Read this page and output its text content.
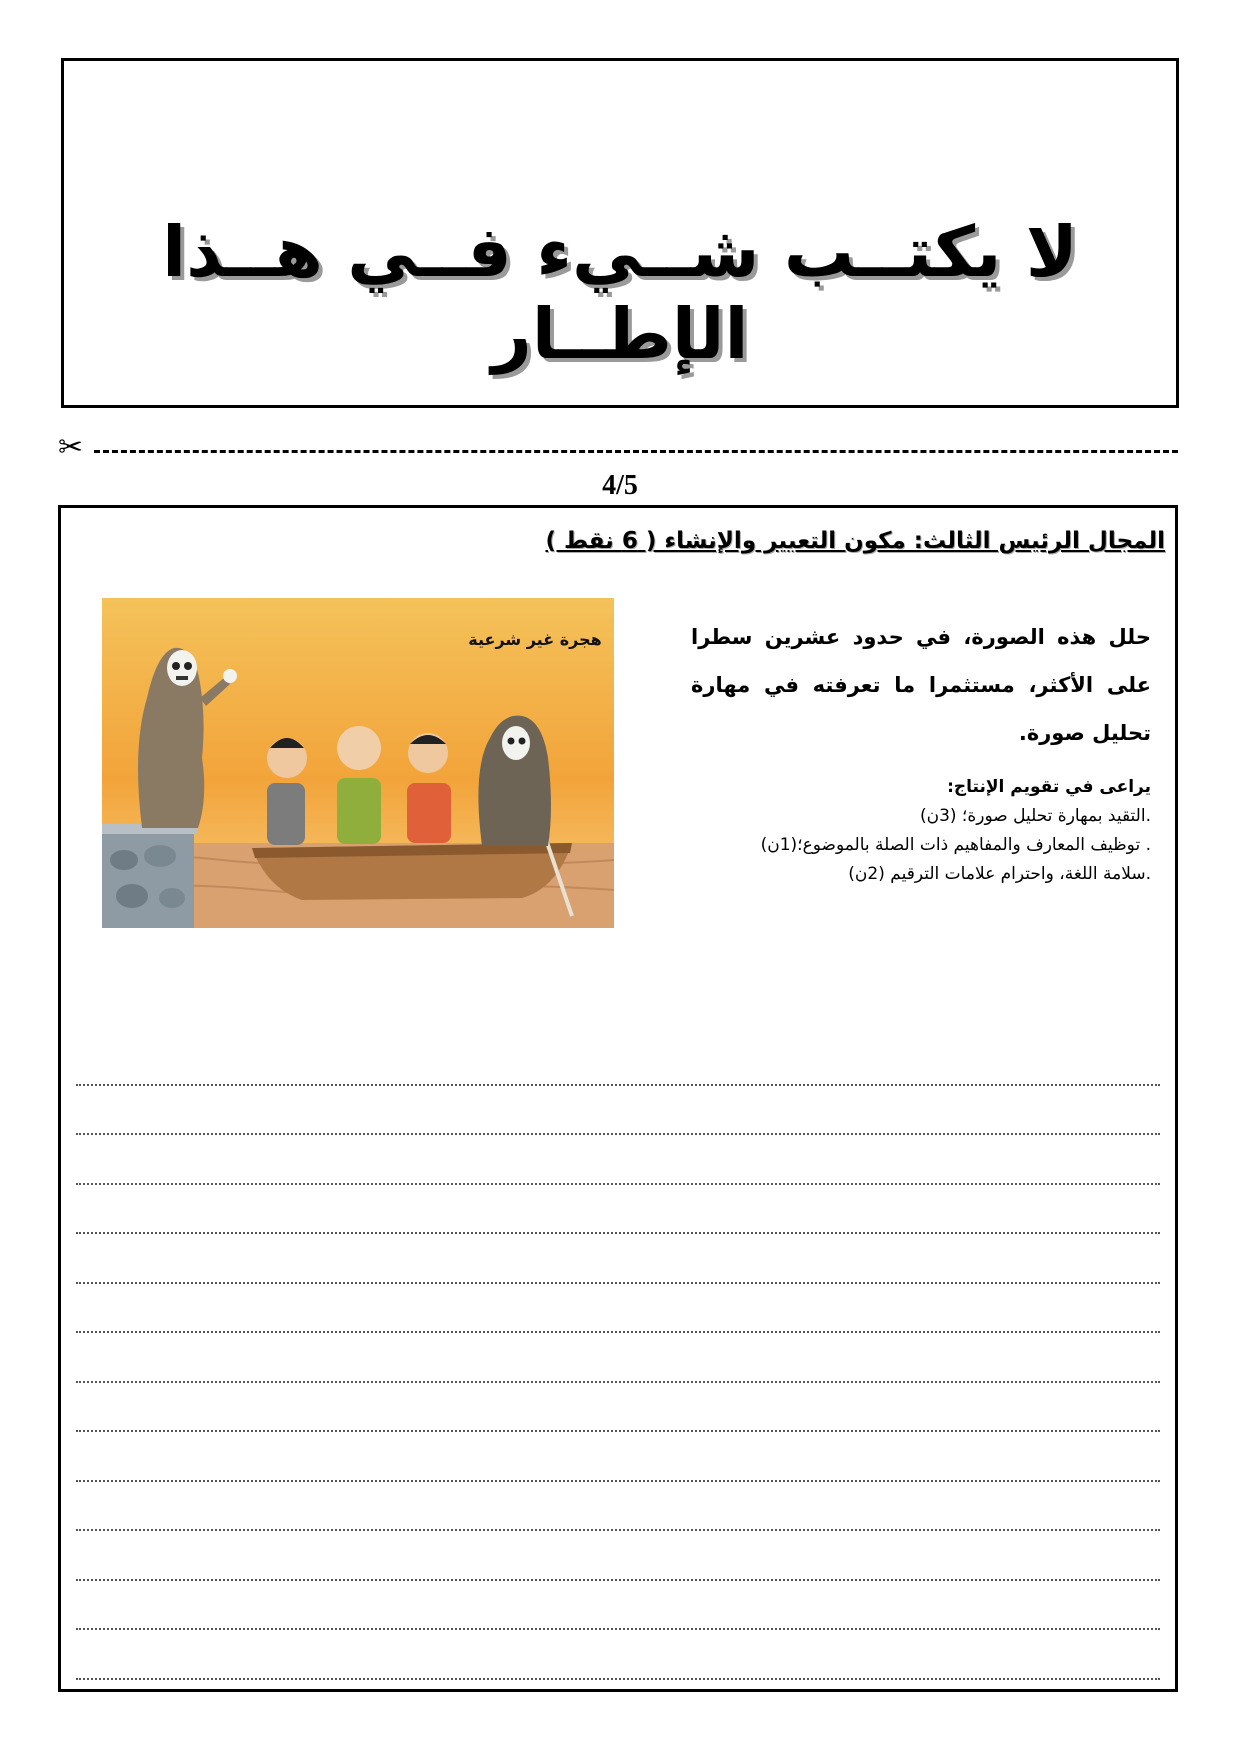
لا يكتــب شــيء فــي هــذا الإطــار
✂
4/5
المجال الرئيس الثالث: مكون التعبير والإنشاء ( 6 نقط )
هجرة غير شرعية	حلل هذه الصورة، في حدود عشرين سطرا على الأكثر، مستثمرا ما تعرفته في مهارة تحليل صورة.
يراعى في تقويم الإنتاج:
.التقيد بمهارة تحليل صورة؛ (3ن)
. توظيف المعارف والمفاهيم ذات الصلة بالموضوع؛(1ن)
.سلامة اللغة، واحترام علامات الترقيم (2ن)
